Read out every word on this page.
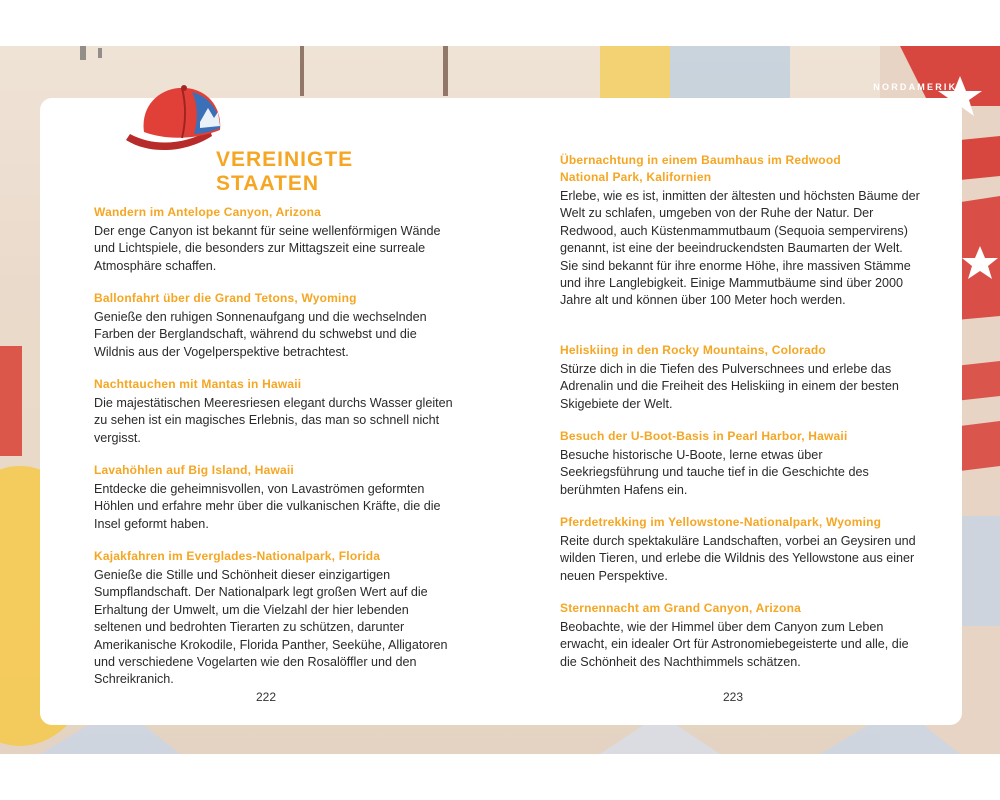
NORDAMERIKA
VEREINIGTE STAATEN
Wandern im Antelope Canyon, Arizona

Der enge Canyon ist bekannt für seine wellenförmigen Wände und Lichtspiele, die besonders zur Mittagszeit eine surreale Atmosphäre schaffen.

Ballonfahrt über die Grand Tetons, Wyoming

Genieße den ruhigen Sonnenaufgang und die wechselnden Farben der Berglandschaft, während du schwebst und die Wildnis aus der Vogelperspektive betrachtest.

Nachttauchen mit Mantas in Hawaii

Die majestätischen Meeresriesen elegant durchs Wasser gleiten zu sehen ist ein magisches Erlebnis, das man so schnell nicht vergisst.

Lavahöhlen auf Big Island, Hawaii

Entdecke die geheimnisvollen, von Lavaströmen geformten Höhlen und erfahre mehr über die vulkanischen Kräfte, die die Insel geformt haben.

Kajakfahren im Everglades-Nationalpark, Florida

Genieße die Stille und Schönheit dieser einzigartigen Sumpflandschaft. Der Nationalpark legt großen Wert auf die Erhaltung der Umwelt, um die Vielzahl der hier lebenden seltenen und bedrohten Tierarten zu schützen, darunter Amerikanische Krokodile, Florida Panther, Seekühe, Alligatoren und verschiedene Vogelarten wie den Rosalöffler und den Schreikranich.

222
Übernachtung in einem Baumhaus im Redwood National Park, Kalifornien

Erlebe, wie es ist, inmitten der ältesten und höchsten Bäume der Welt zu schlafen, umgeben von der Ruhe der Natur. Der Redwood, auch Küstenmammutbaum (Sequoia sempervirens) genannt, ist eine der beeindruckendsten Baumarten der Welt. Sie sind bekannt für ihre enorme Höhe, ihre massiven Stämme und ihre Langlebigkeit. Einige Mammutbäume sind über 2000 Jahre alt und können über 100 Meter hoch werden.

Heliskiing in den Rocky Mountains, Colorado

Stürze dich in die Tiefen des Pulverschnees und erlebe das Adrenalin und die Freiheit des Heliskiing in einem der besten Skigebiete der Welt.

Besuch der U-Boot-Basis in Pearl Harbor, Hawaii

Besuche historische U-Boote, lerne etwas über Seekriegsführung und tauche tief in die Geschichte des berühmten Hafens ein.

Pferdetrekking im Yellowstone-Nationalpark, Wyoming

Reite durch spektakuläre Landschaften, vorbei an Geysiren und wilden Tieren, und erlebe die Wildnis des Yellowstone aus einer neuen Perspektive.

Sternennacht am Grand Canyon, Arizona

Beobachte, wie der Himmel über dem Canyon zum Leben erwacht, ein idealer Ort für Astronomiebegeisterte und alle, die die Schönheit des Nachthimmels schätzen.

223
